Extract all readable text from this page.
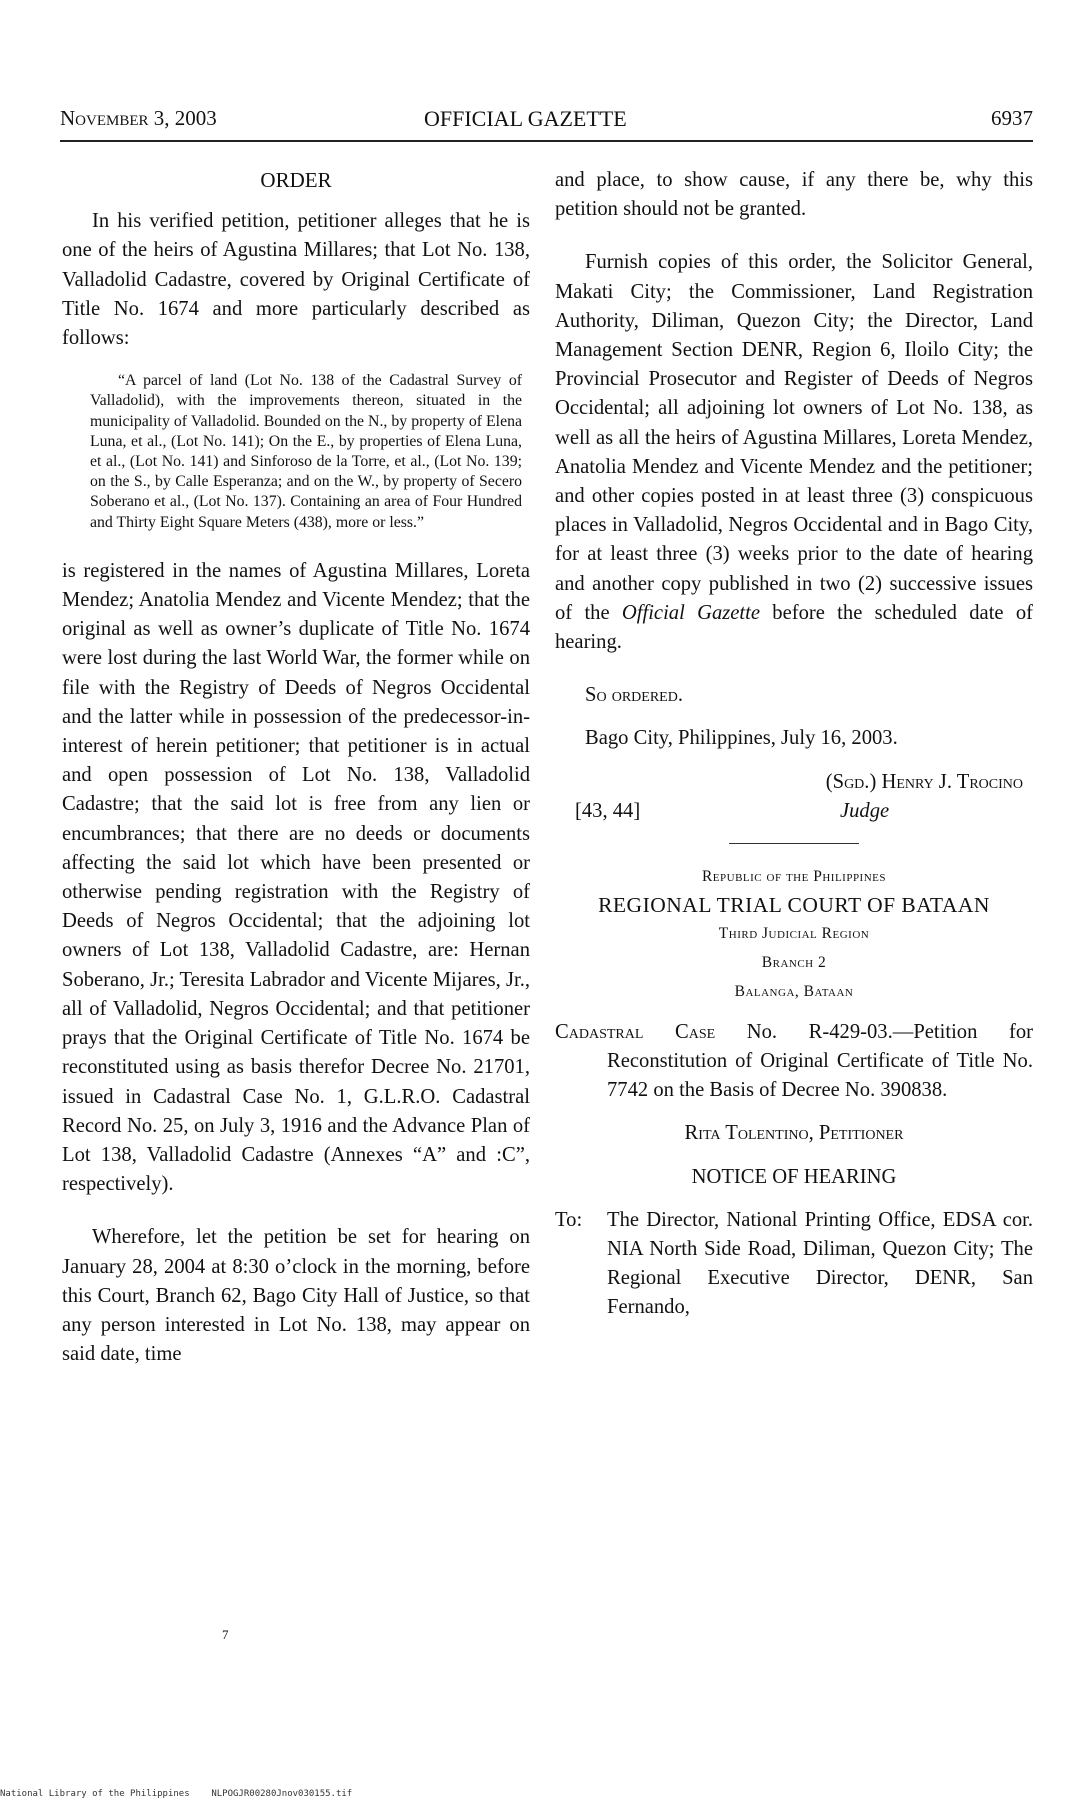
November 3, 2003	OFFICIAL GAZETTE	6937
ORDER

In his verified petition, petitioner alleges that he is one of the heirs of Agustina Millares; that Lot No. 138, Valladolid Cadastre, covered by Original Certificate of Title No. 1674 and more particularly described as follows:

“A parcel of land (Lot No. 138 of the Cadastral Survey of Valladolid), with the improvements thereon, situated in the municipality of Valladolid. Bounded on the N., by property of Elena Luna, et al., (Lot No. 141); On the E., by properties of Elena Luna, et al., (Lot No. 141) and Sinforoso de la Torre, et al., (Lot No. 139; on the S., by Calle Esperanza; and on the W., by property of Secero Soberano et al., (Lot No. 137). Containing an area of Four Hundred and Thirty Eight Square Meters (438), more or less.”

is registered in the names of Agustina Millares, Loreta Mendez; Anatolia Mendez and Vicente Mendez; that the original as well as owner’s duplicate of Title No. 1674 were lost during the last World War, the former while on file with the Registry of Deeds of Negros Occidental and the latter while in possession of the predecessor-in-interest of herein petitioner; that petitioner is in actual and open possession of Lot No. 138, Valladolid Cadastre; that the said lot is free from any lien or encumbrances; that there are no deeds or documents affecting the said lot which have been presented or otherwise pending registration with the Registry of Deeds of Negros Occidental; that the adjoining lot owners of Lot 138, Valladolid Cadastre, are: Hernan Soberano, Jr.; Teresita Labrador and Vicente Mijares, Jr., all of Valladolid, Negros Occidental; and that petitioner prays that the Original Certificate of Title No. 1674 be reconstituted using as basis therefor Decree No. 21701, issued in Cadastral Case No. 1, G.L.R.O. Cadastral Record No. 25, on July 3, 1916 and the Advance Plan of Lot 138, Valladolid Cadastre (Annexes “A” and :C”, respectively).

Wherefore, let the petition be set for hearing on January 28, 2004 at 8:30 o’clock in the morning, before this Court, Branch 62, Bago City Hall of Justice, so that any person interested in Lot No. 138, may appear on said date, time

7

and place, to show cause, if any there be, why this petition should not be granted.

Furnish copies of this order, the Solicitor General, Makati City; the Commissioner, Land Registration Authority, Diliman, Quezon City; the Director, Land Management Section DENR, Region 6, Iloilo City; the Provincial Prosecutor and Register of Deeds of Negros Occidental; all adjoining lot owners of Lot No. 138, as well as all the heirs of Agustina Millares, Loreta Mendez, Anatolia Mendez and Vicente Mendez and the petitioner; and other copies posted in at least three (3) conspicuous places in Valladolid, Negros Occidental and in Bago City, for at least three (3) weeks prior to the date of hearing and another copy published in two (2) successive issues of the Official Gazette before the scheduled date of hearing.

So ordered.

Bago City, Philippines, July 16, 2003.

(Sgd.) Henry J. Trocino
[43, 44]	Judge
Republic of the Philippines
REGIONAL TRIAL COURT OF BATAAN
Third Judicial Region
Branch 2
Balanga, Bataan

Cadastral Case No. R-429-03.—Petition for Reconstitution of Original Certificate of Title No. 7742 on the Basis of Decree No. 390838.

Rita Tolentino, Petitioner
NOTICE OF HEARING
To:	The Director, National Printing Office, EDSA cor. NIA North Side Road, Diliman, Quezon City; The Regional Executive Director, DENR, San Fernando,
National Library of the Philippines NLPOGJR00280Jnov030155.tif
